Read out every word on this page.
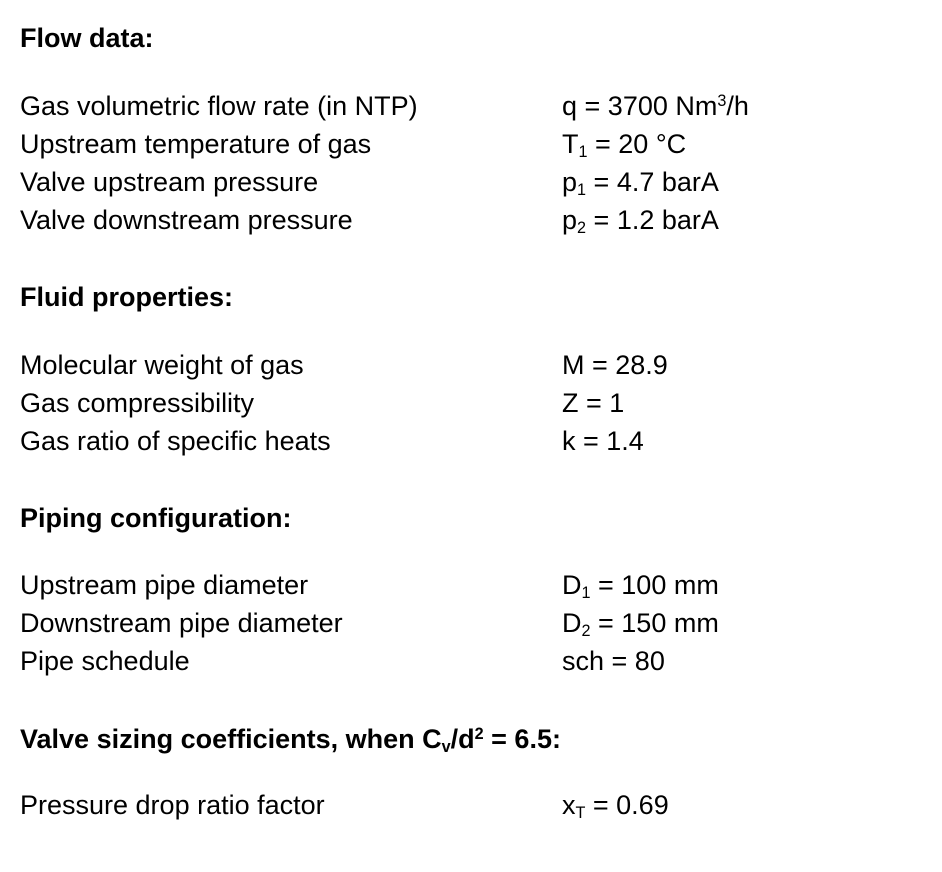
Flow data:
Gas volumetric flow rate (in NTP)	q = 3700 Nm$^3$/h
Upstream temperature of gas	$T_1 = 20$ °C
Valve upstream pressure	$p_1 = 4.7$ barA
Valve downstream pressure	$p_2 = 1.2$ barA
Fluid properties:
Molecular weight of gas	M = 28.9
Gas compressibility	Z = 1
Gas ratio of specific heats	k = 1.4
Piping configuration:
Upstream pipe diameter	$D_1 = 100$ mm
Downstream pipe diameter	$D_2 = 150$ mm
Pipe schedule	sch = 80
Valve sizing coefficients, when $C_v/d^2 = 6.5$:
Pressure drop ratio factor	$x_T = 0.69$
